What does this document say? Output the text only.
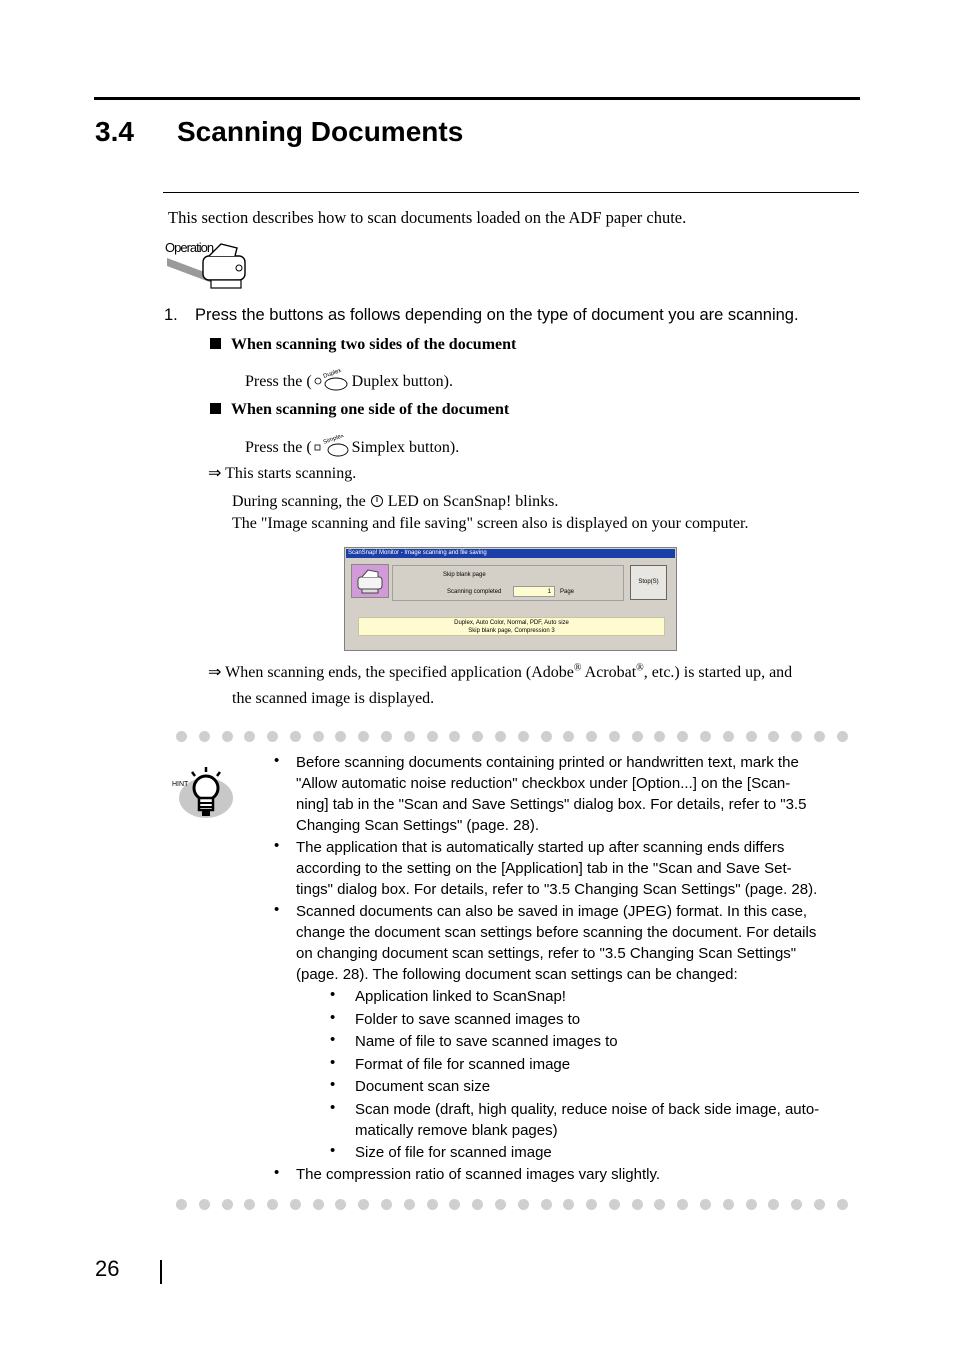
3.4 Scanning Documents
This section describes how to scan documents loaded on the ADF paper chute.
Operation
1. Press the buttons as follows depending on the type of document you are scanning.
When scanning two sides of the document
Press the ( Duplex Duplex button).
When scanning one side of the document
Press the ( Simplex Simplex button).
⇒ This starts scanning.
During scanning, the LED on ScanSnap! blinks.
The "Image scanning and file saving" screen also is displayed on your computer.
ScanSnap! Monitor - Image scanning and file saving
Skip blank page
Scanning completed	1	Page
Stop(S)
Duplex, Auto Color, Normal, PDF, Auto size
Skip blank page, Compression 3
⇒ When scanning ends, the specified application (Adobe® Acrobat®, etc.) is started up, and
the scanned image is displayed.
HINT
• Before scanning documents containing printed or handwritten text, mark the
"Allow automatic noise reduction" checkbox under [Option...] on the [Scan-
ning] tab in the "Scan and Save Settings" dialog box. For details, refer to "3.5
Changing Scan Settings" (page. 28).
• The application that is automatically started up after scanning ends differs
according to the setting on the [Application] tab in the "Scan and Save Set-
tings" dialog box. For details, refer to "3.5 Changing Scan Settings" (page. 28).
• Scanned documents can also be saved in image (JPEG) format. In this case,
change the document scan settings before scanning the document. For details
on changing document scan settings, refer to "3.5 Changing Scan Settings"
(page. 28). The following document scan settings can be changed:
• Application linked to ScanSnap!
• Folder to save scanned images to
• Name of file to save scanned images to
• Format of file for scanned image
• Document scan size
• Scan mode (draft, high quality, reduce noise of back side image, auto-
matically remove blank pages)
• Size of file for scanned image
• The compression ratio of scanned images vary slightly.
26
